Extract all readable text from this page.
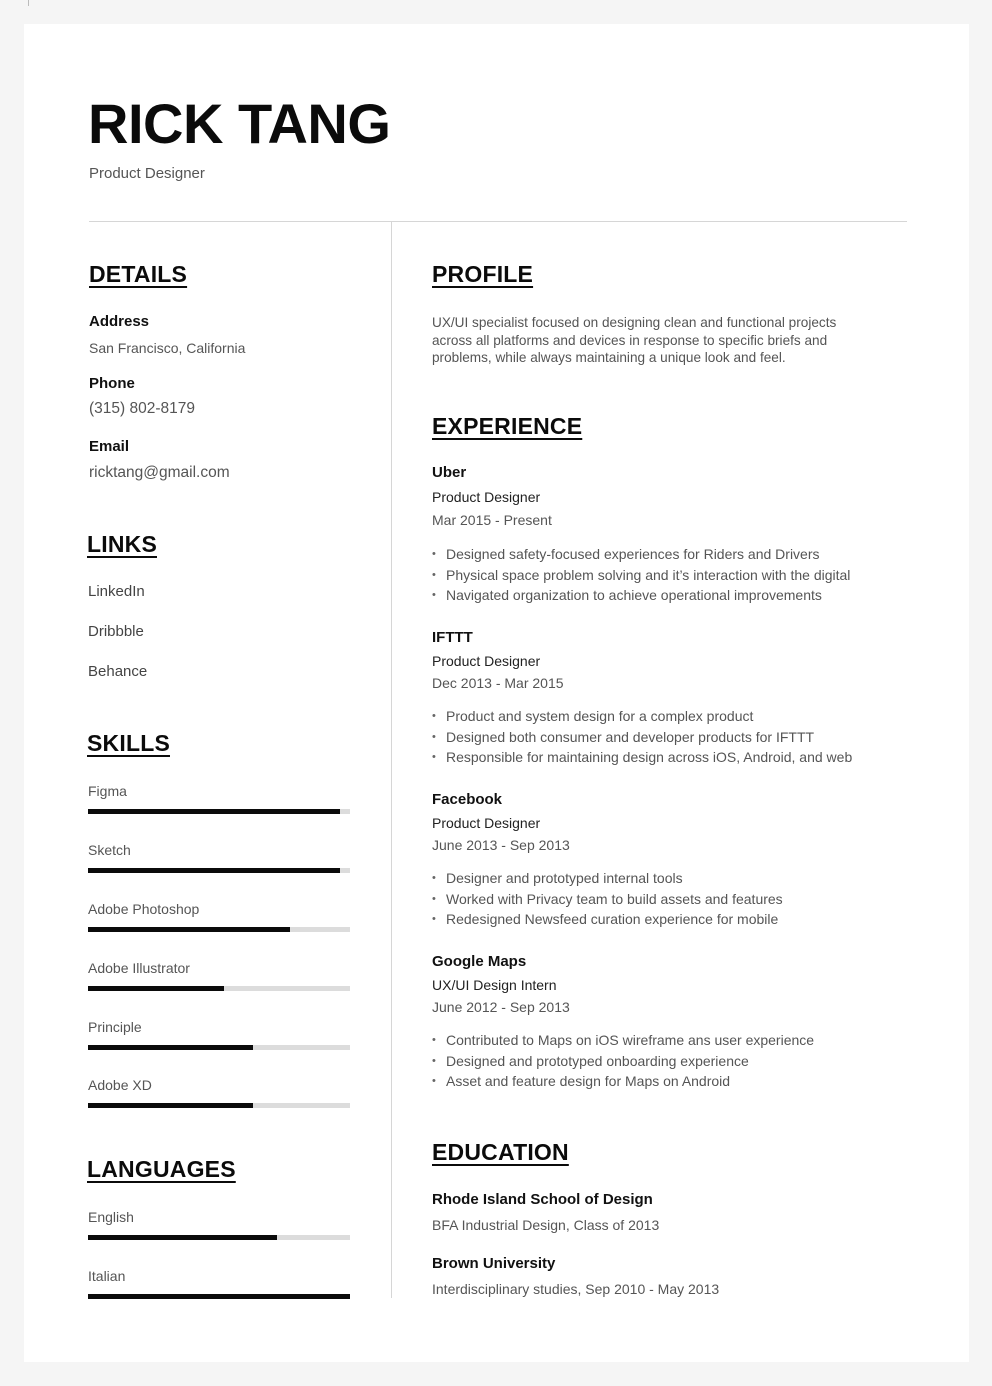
RICK TANG
Product Designer
DETAILS
Address
San Francisco, California
Phone
(315) 802-8179
Email
ricktang@gmail.com
LINKS
LinkedIn
Dribbble
Behance
SKILLS
Figma
Sketch
Adobe Photoshop
Adobe Illustrator
Principle
Adobe XD
LANGUAGES
English
Italian
PROFILE

UX/UI specialist focused on designing clean and functional projects across all platforms and devices in response to specific briefs and problems, while always maintaining a unique look and feel.

EXPERIENCE
Uber
Product Designer
Mar 2015 - Present
• Designed safety-focused experiences for Riders and Drivers
• Physical space problem solving and it’s interaction with the digital
• Navigated organization to achieve operational improvements
IFTTT
Product Designer
Dec 2013 - Mar 2015
• Product and system design for a complex product
• Designed both consumer and developer products for IFTTT
• Responsible for maintaining design across iOS, Android, and web
Facebook
Product Designer
June 2013 - Sep 2013
• Designer and prototyped internal tools
• Worked with Privacy team to build assets and features
• Redesigned Newsfeed curation experience for mobile
Google Maps
UX/UI Design Intern
June 2012 - Sep 2013
• Contributed to Maps on iOS wireframe ans user experience
• Designed and prototyped onboarding experience
• Asset and feature design for Maps on Android
EDUCATION
Rhode Island School of Design
BFA Industrial Design, Class of 2013
Brown University
Interdisciplinary studies, Sep 2010 - May 2013
